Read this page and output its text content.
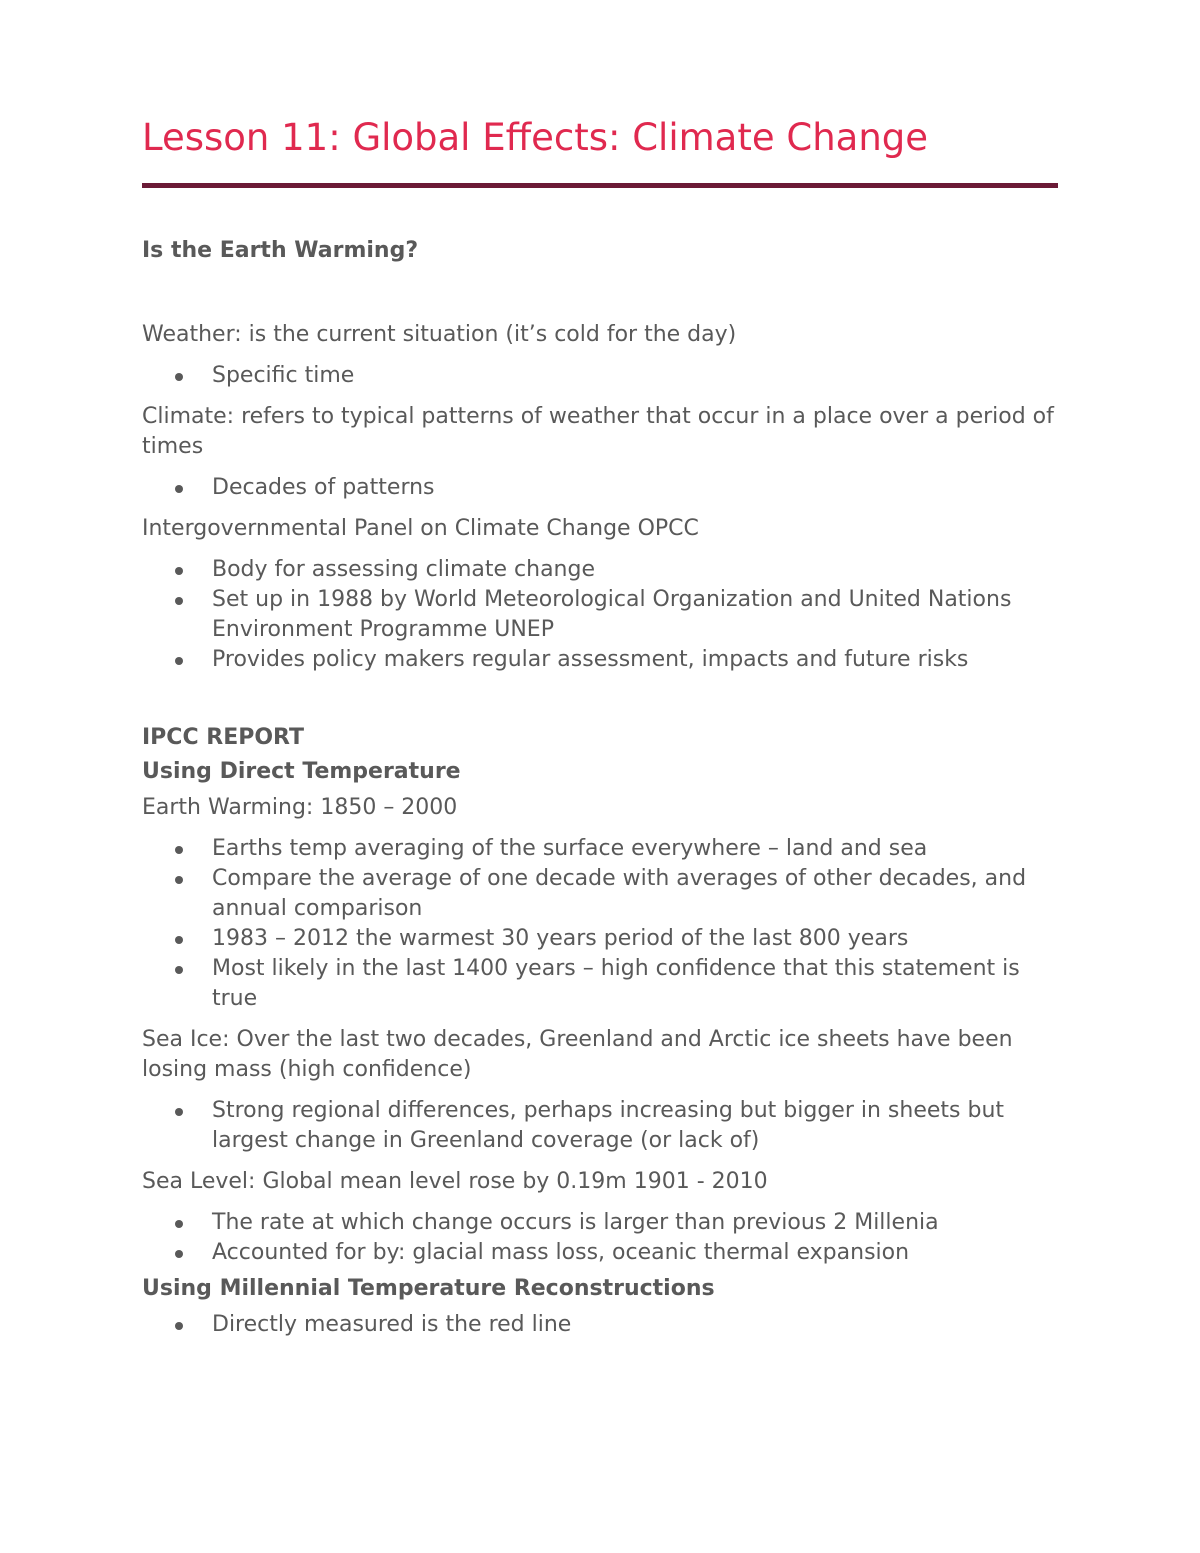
Lesson 11: Global Effects: Climate Change
Is the Earth Warming?

Weather: is the current situation (it’s cold for the day)

Specific time

Climate: refers to typical patterns of weather that occur in a place over a period of times

Decades of patterns

Intergovernmental Panel on Climate Change OPCC

Body for assessing climate change
Set up in 1988 by World Meteorological Organization and United Nations Environment Programme UNEP
Provides policy makers regular assessment, impacts and future risks
IPCC REPORT
Using Direct Temperature

Earth Warming: 1850 – 2000

Earths temp averaging of the surface everywhere – land and sea
Compare the average of one decade with averages of other decades, and annual comparison
1983 – 2012 the warmest 30 years period of the last 800 years
Most likely in the last 1400 years – high confidence that this statement is true

Sea Ice: Over the last two decades, Greenland and Arctic ice sheets have been losing mass (high confidence)

Strong regional differences, perhaps increasing but bigger in sheets but largest change in Greenland coverage (or lack of)

Sea Level: Global mean level rose by 0.19m 1901 - 2010

The rate at which change occurs is larger than previous 2 Millenia
Accounted for by: glacial mass loss, oceanic thermal expansion
Using Millennial Temperature Reconstructions
Directly measured is the red line
